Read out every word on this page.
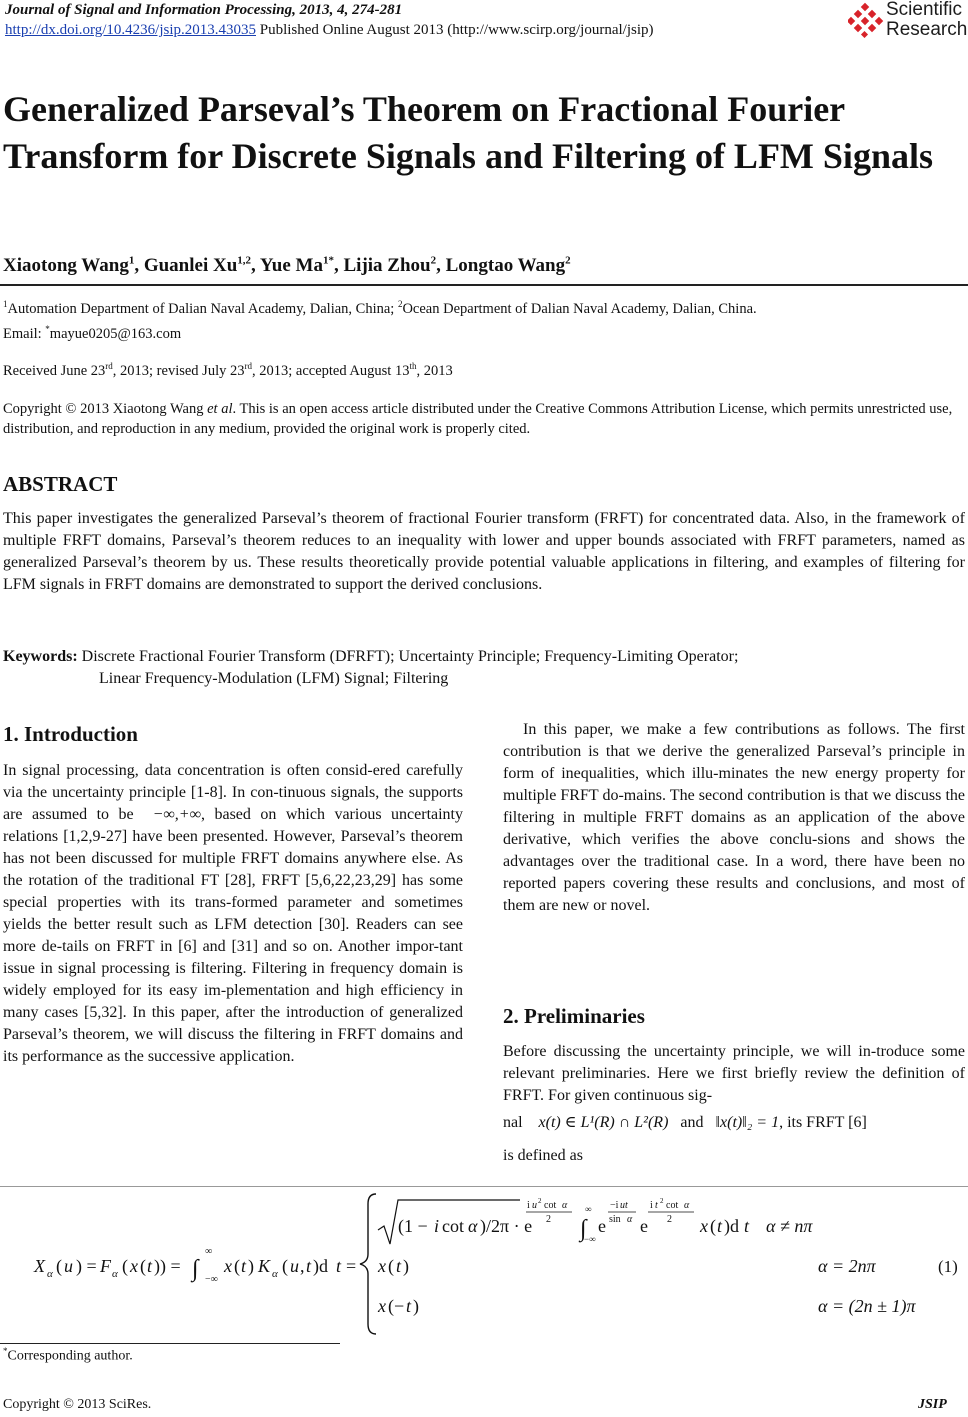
Journal of Signal and Information Processing, 2013, 4, 274-281
http://dx.doi.org/10.4236/jsip.2013.43035 Published Online August 2013 (http://www.scirp.org/journal/jsip)
Scientific
Research
Generalized Parseval’s Theorem on Fractional Fourier Transform for Discrete Signals and Filtering of LFM Signals
Xiaotong Wang$^1$, Guanlei Xu$^{1,2}$, Yue $Ma^{1*}$, Lijia Zhou$^2$, Longtao Wang$^2$
$^1$Automation Department of Dalian Naval Academy, Dalian, China; $^2$Ocean Department of Dalian Naval Academy, Dalian, China.
Email: *mayue0205@163.com
Received June 23rd, 2013; revised July 23rd, 2013; accepted August 13th, 2013
Copyright © 2013 Xiaotong Wang et al. This is an open access article distributed under the Creative Commons Attribution License, which permits unrestricted use, distribution, and reproduction in any medium, provided the original work is properly cited.
ABSTRACT
This paper investigates the generalized Parseval’s theorem of fractional Fourier transform (FRFT) for concentrated data. Also, in the framework of multiple FRFT domains, Parseval’s theorem reduces to an inequality with lower and upper bounds associated with FRFT parameters, named as generalized Parseval’s theorem by us. These results theoretically provide potential valuable applications in filtering, and examples of filtering for LFM signals in FRFT domains are demonstrated to support the derived conclusions.
Keywords: Discrete Fractional Fourier Transform (DFRFT); Uncertainty Principle; Frequency-Limiting Operator;
Linear Frequency-Modulation (LFM) Signal; Filtering
1. Introduction
In signal processing, data concentration is often consid-ered carefully via the uncertainty principle [1-8]. In con-tinuous signals, the supports are assumed to be −∞,+∞, based on which various uncertainty relations [1,2,9-27] have been presented. However, Parseval’s theorem has not been discussed for multiple FRFT domains anywhere else. As the rotation of the traditional FT [28], FRFT [5,6,22,23,29] has some special properties with its trans-formed parameter and sometimes yields the better result such as LFM detection [30]. Readers can see more de-tails on FRFT in [6] and [31] and so on. Another impor-tant issue in signal processing is filtering. Filtering in frequency domain is widely employed for its easy im-plementation and high efficiency in many cases [5,32]. In this paper, after the introduction of generalized Parseval’s theorem, we will discuss the filtering in FRFT domains and its performance as the successive application.
In this paper, we make a few contributions as follows. The first contribution is that we derive the generalized Parseval’s principle in form of inequalities, which illu-minates the new energy property for multiple FRFT do-mains. The second contribution is that we discuss the filtering in multiple FRFT domains as an application of the above derivative, which verifies the above conclu-sions and shows the advantages over the traditional case. In a word, there have been no reported papers covering these results and conclusions, and most of them are new or novel.
2. Preliminaries
Before discussing the uncertainty principle, we will in-troduce some relevant preliminaries. Here we first briefly review the definition of FRFT. For given continuous sig-
nal x(t) ∈ L¹(R) ∩ L²(R) and ‖x(t)‖₂ = 1, its FRFT [6]
is defined as
X α ( u ) = F α ( x ( t )) = ∫
∞
−∞
x ( t ) K α ( u , t )d t =
(1 − i cot α )/2π · e
i u 2 cot α
2 ∫
∞
−∞
e
−i ut
sin α e
i t 2 cot α
2 x ( t )d t α ≠ nπ
x ( t )	α = 2nπ
x (− t )	α = (2n ± 1)π
(1)
*Corresponding author.
Copyright © 2013 SciRes.	JSIP
